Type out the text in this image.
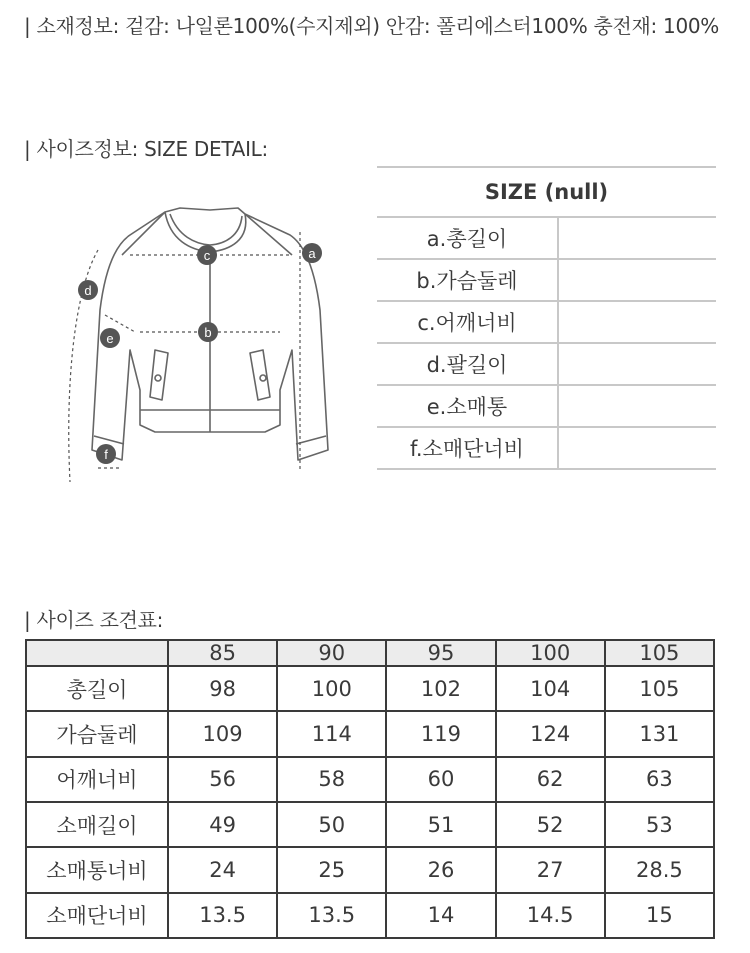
| 소재정보: 겉감: 나일론100%(수지제외) 안감: 폴리에스터100% 충전재: 100%
| 사이즈정보: SIZE DETAIL:
a
b
c
d
e
f
SIZE (null)	
a.총길이	
b.가슴둘레	
c.어깨너비	
d.팔길이	
e.소매통	
f.소매단너비	
| 사이즈 조견표:
	85	90	95	100	105
총길이	98	100	102	104	105
가슴둘레	109	114	119	124	131
어깨너비	56	58	60	62	63
소매길이	49	50	51	52	53
소매통너비	24	25	26	27	28.5
소매단너비	13.5	13.5	14	14.5	15
